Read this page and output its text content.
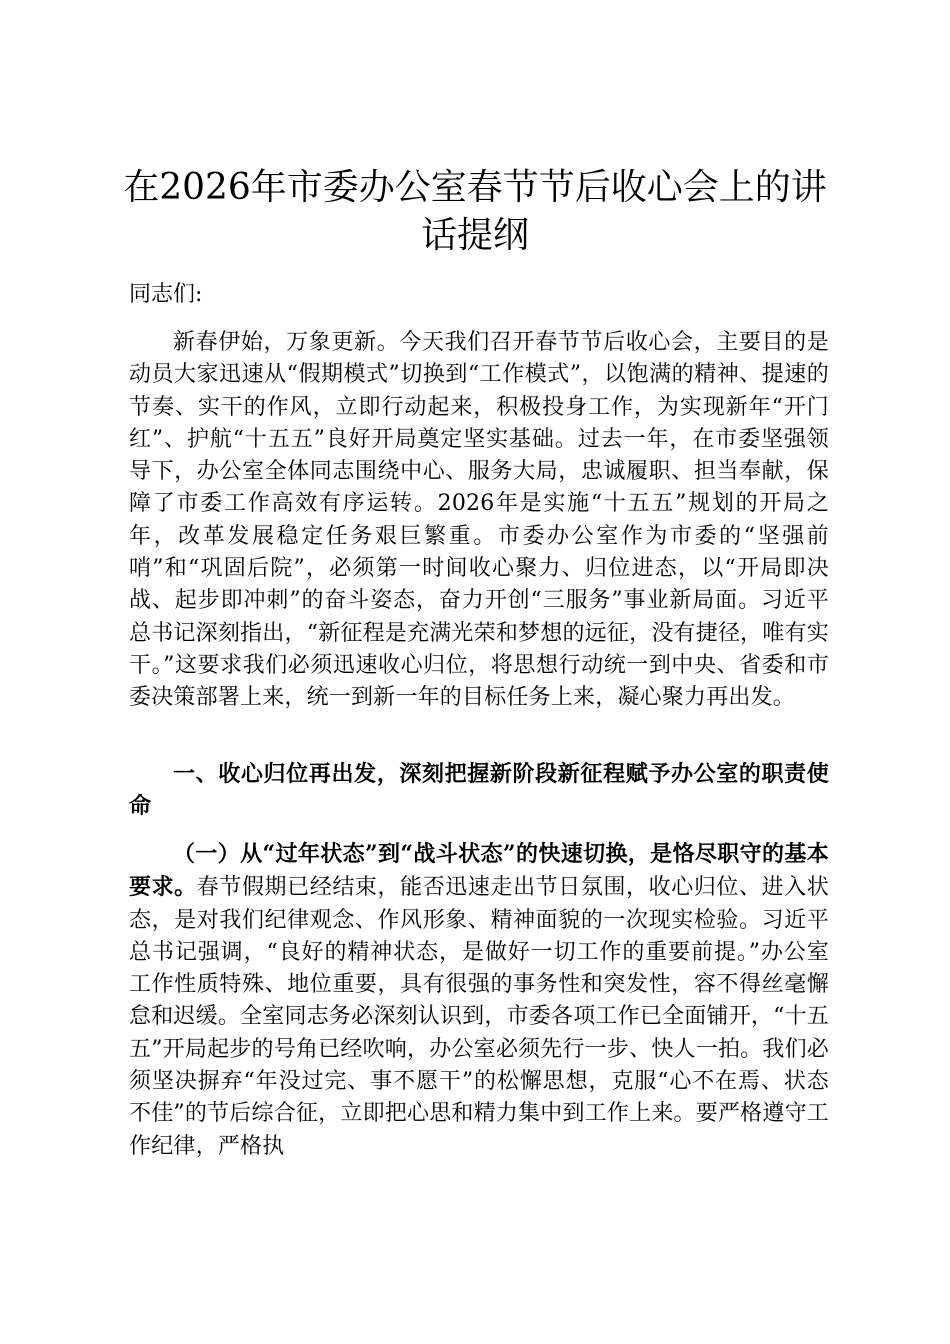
在2026年市委办公室春节节后收心会上的讲话提纲

同志们:

新春伊始，万象更新。今天我们召开春节节后收心会，主要目的是动员大家迅速从“假期模式”切换到“工作模式”，以饱满的精神、提速的节奏、实干的作风，立即行动起来，积极投身工作，为实现新年“开门红”、护航“十五五”良好开局奠定坚实基础。过去一年，在市委坚强领导下，办公室全体同志围绕中心、服务大局，忠诚履职、担当奉献，保障了市委工作高效有序运转。2026年是实施“十五五”规划的开局之年，改革发展稳定任务艰巨繁重。市委办公室作为市委的“坚强前哨”和“巩固后院”，必须第一时间收心聚力、归位进态，以“开局即决战、起步即冲刺”的奋斗姿态，奋力开创“三服务”事业新局面。习近平总书记深刻指出，“新征程是充满光荣和梦想的远征，没有捷径，唯有实干。”这要求我们必须迅速收心归位，将思想行动统一到中央、省委和市委决策部署上来，统一到新一年的目标任务上来，凝心聚力再出发。

一、收心归位再出发，深刻把握新阶段新征程赋予办公室的职责使命

（一）从“过年状态”到“战斗状态”的快速切换，是恪尽职守的基本要求。春节假期已经结束，能否迅速走出节日氛围，收心归位、进入状态，是对我们纪律观念、作风形象、精神面貌的一次现实检验。习近平总书记强调，“良好的精神状态，是做好一切工作的重要前提。”办公室工作性质特殊、地位重要，具有很强的事务性和突发性，容不得丝毫懈怠和迟缓。全室同志务必深刻认识到，市委各项工作已全面铺开，“十五五”开局起步的号角已经吹响，办公室必须先行一步、快人一拍。我们必须坚决摒弃“年没过完、事不愿干”的松懈思想，克服“心不在焉、状态不佳”的节后综合征，立即把心思和精力集中到工作上来。要严格遵守工作纪律，严格执
